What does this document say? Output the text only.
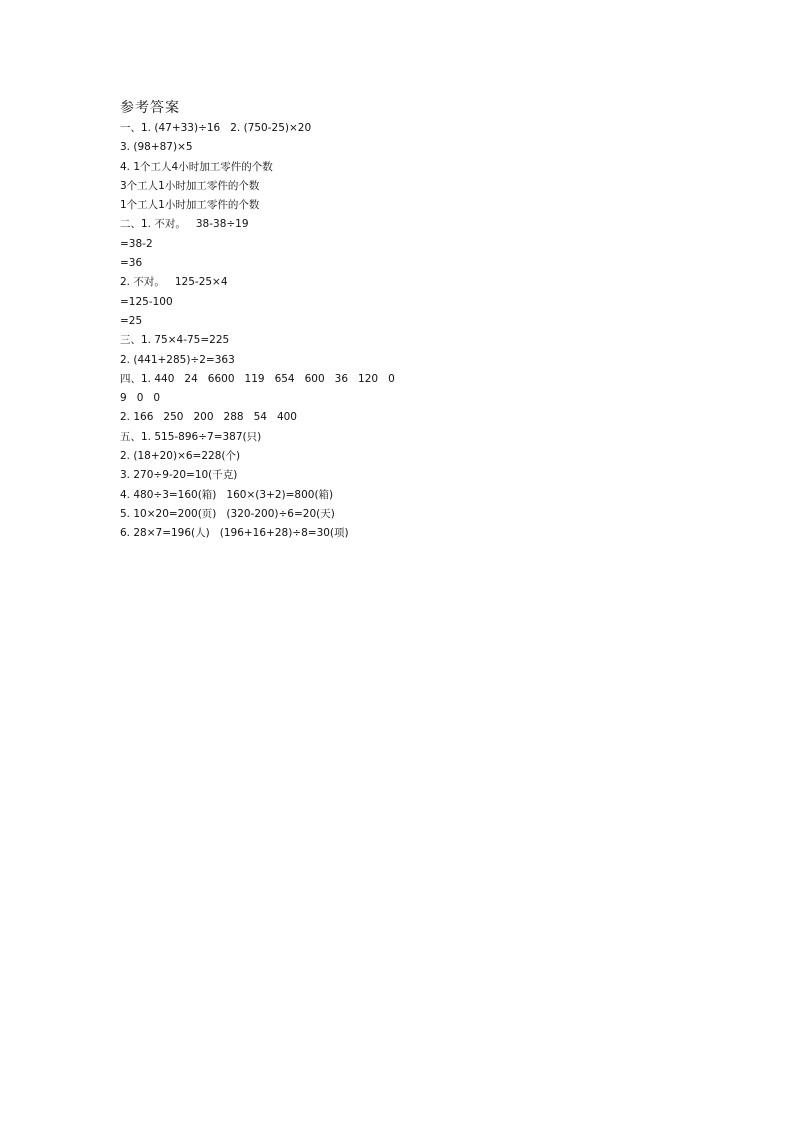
参考答案
一、1. (47+33)÷16   2. (750-25)×20
3. (98+87)×5
4. 1个工人4小时加工零件的个数
3个工人1小时加工零件的个数
1个工人1小时加工零件的个数
二、1. 不对。   38-38÷19
=38-2
=36
2. 不对。   125-25×4
=125-100
=25
三、1. 75×4-75=225
2. (441+285)÷2=363
四、1. 440   24   6600   119   654   600   36   120   0
9   0   0
2. 166   250   200   288   54   400
五、1. 515-896÷7=387(只)
2. (18+20)×6=228(个)
3. 270÷9-20=10(千克)
4. 480÷3=160(箱)   160×(3+2)=800(箱)
5. 10×20=200(页)   (320-200)÷6=20(天)
6. 28×7=196(人)   (196+16+28)÷8=30(项)
